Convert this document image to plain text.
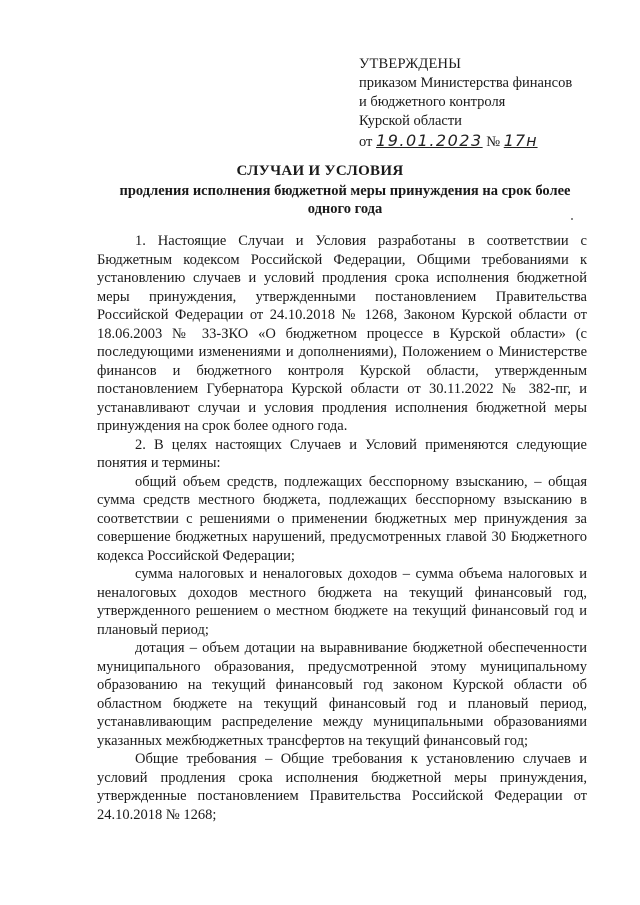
УТВЕРЖДЕНЫ
приказом Министерства финансов
и бюджетного контроля
Курской области
от 19.01.2023 № 17н
СЛУЧАИ И УСЛОВИЯ
продления исполнения бюджетной меры принуждения на срок более одного года

1. Настоящие Случаи и Условия разработаны в соответствии с Бюджетным кодексом Российской Федерации, Общими требованиями к установлению случаев и условий продления срока исполнения бюджетной меры принуждения, утвержденными постановлением Правительства Российской Федерации от 24.10.2018 № 1268, Законом Курской области от 18.06.2003 № 33-ЗКО «О бюджетном процессе в Курской области» (с последующими изменениями и дополнениями), Положением о Министерстве финансов и бюджетного контроля Курской области, утвержденным постановлением Губернатора Курской области от 30.11.2022 № 382-пг, и устанавливают случаи и условия продления исполнения бюджетной меры принуждения на срок более одного года.

2. В целях настоящих Случаев и Условий применяются следующие понятия и термины:

общий объем средств, подлежащих бесспорному взысканию, – общая сумма средств местного бюджета, подлежащих бесспорному взысканию в соответствии с решениями о применении бюджетных мер принуждения за совершение бюджетных нарушений, предусмотренных главой 30 Бюджетного кодекса Российской Федерации;

сумма налоговых и неналоговых доходов – сумма объема налоговых и неналоговых доходов местного бюджета на текущий финансовый год, утвержденного решением о местном бюджете на текущий финансовый год и плановый период;

дотация – объем дотации на выравнивание бюджетной обеспеченности муниципального образования, предусмотренной этому муниципальному образованию на текущий финансовый год законом Курской области об областном бюджете на текущий финансовый год и плановый период, устанавливающим распределение между муниципальными образованиями указанных межбюджетных трансфертов на текущий финансовый год;

Общие требования – Общие требования к установлению случаев и условий продления срока исполнения бюджетной меры принуждения, утвержденные постановлением Правительства Российской Федерации от 24.10.2018 № 1268;
